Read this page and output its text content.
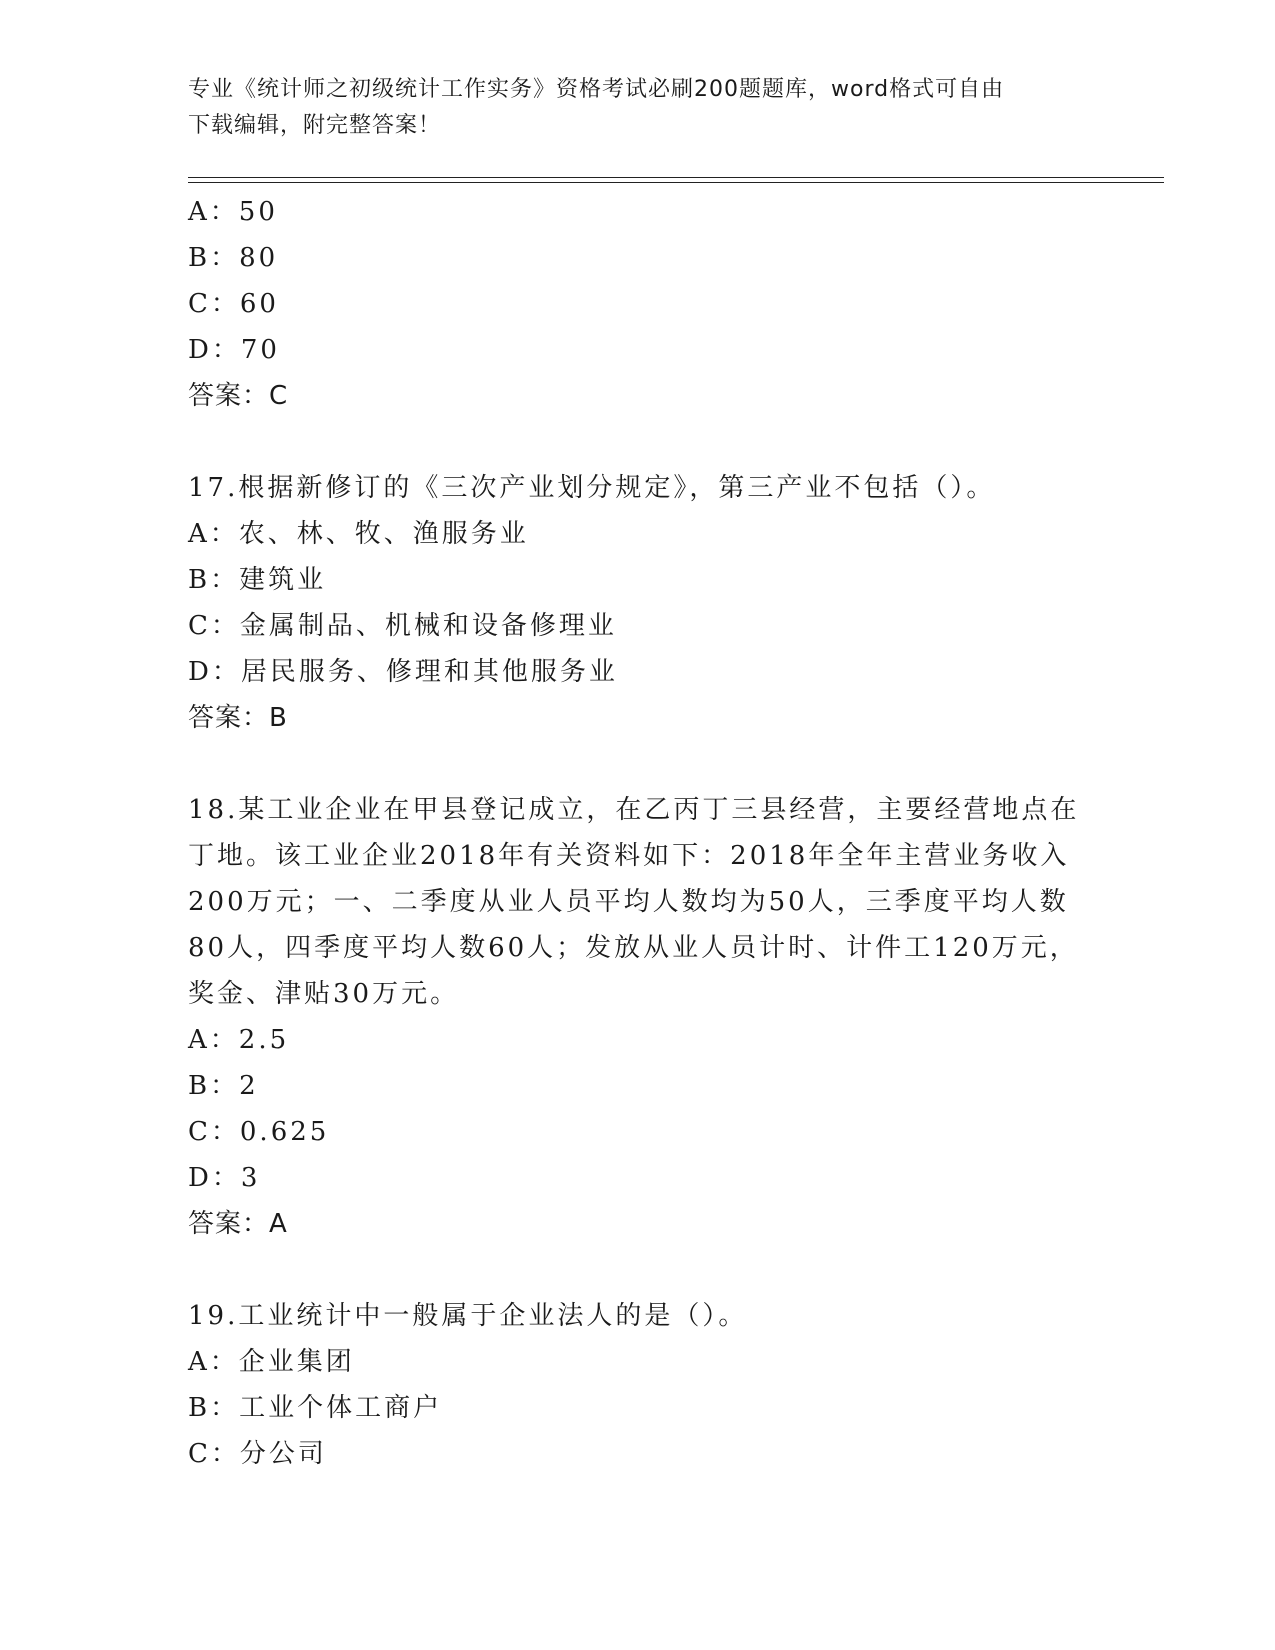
专业《统计师之初级统计工作实务》资格考试必刷200题题库，word格式可自由
下载编辑，附完整答案！
A：50
B：80
C：60
D：70
答案：C
17.根据新修订的《三次产业划分规定》，第三产业不包括（）。
A：农、林、牧、渔服务业
B：建筑业
C：金属制品、机械和设备修理业
D：居民服务、修理和其他服务业
答案：B
18.某工业企业在甲县登记成立，在乙丙丁三县经营，主要经营地点在
丁地。该工业企业2018年有关资料如下：2018年全年主营业务收入
200万元；一、二季度从业人员平均人数均为50人，三季度平均人数
80人，四季度平均人数60人；发放从业人员计时、计件工120万元，
奖金、津贴30万元。
A：2.5
B：2
C：0.625
D：3
答案：A
19.工业统计中一般属于企业法人的是（）。
A：企业集团
B：工业个体工商户
C：分公司
